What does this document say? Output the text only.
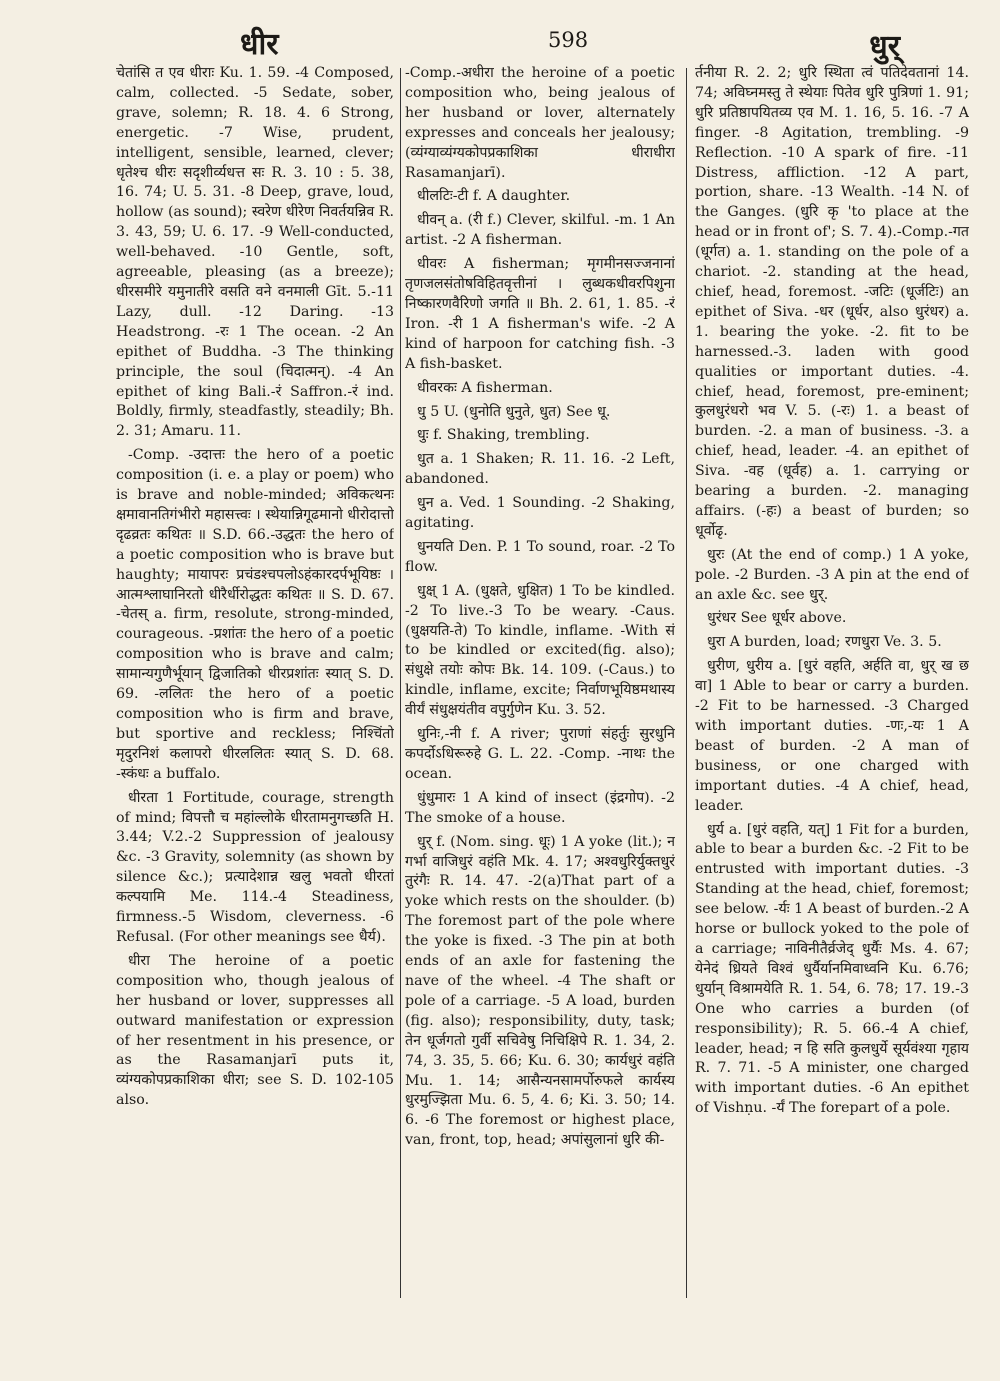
धीर	598	धुर्

चेतांसि त एव धीराः Ku. 1. 59. -4 Composed, calm, collected. -5 Sedate, sober, grave, solemn; R. 18. 4. 6 Strong, energetic. -7 Wise, prudent, intelligent, sensible, learned, clever; धृतेश्च धीरः सदृशीर्व्यधत्त सः R. 3. 10 : 5. 38, 16. 74; U. 5. 31. -8 Deep, grave, loud, hollow (as sound); स्वरेण धीरेण निवर्तयन्निव R. 3. 43, 59; U. 6. 17. -9 Well-conducted, well-behaved. -10 Gentle, soft, agreeable, pleasing (as a breeze); धीरसमीरे यमुनातीरे वसति वने वनमाली Gīt. 5.-11 Lazy, dull. -12 Daring. -13 Headstrong. -रः 1 The ocean. -2 An epithet of Buddha. -3 The thinking principle, the soul (चिदात्मन्). -4 An epithet of king Bali.-रं Saffron.-रं ind. Boldly, firmly, steadfastly, steadily; Bh. 2. 31; Amaru. 11.

-Comp. -उदात्तः the hero of a poetic composition (i. e. a play or poem) who is brave and noble-minded; अविकत्थनः क्षमावानतिगंभीरो महासत्त्वः । स्थेयान्निगूढमानो धीरोदात्तो दृढव्रतः कथितः ॥ S.D. 66.-उद्धतः the hero of a poetic composition who is brave but haughty; मायापरः प्रचंडश्चपलोऽहंकारदर्पभूयिष्ठः । आत्मश्लाघानिरतो धीरैर्धीरोद्धतः कथितः ॥ S. D. 67. -चेतस् a. firm, resolute, strong-minded, courageous. -प्रशांतः the hero of a poetic composition who is brave and calm; सामान्यगुणैर्भूयान् द्विजातिको धीरप्रशांतः स्यात् S. D. 69. -ललितः the hero of a poetic composition who is firm and brave, but sportive and reckless; निश्चिंतो मृदुरनिशं कलापरो धीरललितः स्यात् S. D. 68. -स्कंधः a buffalo.

धीरता 1 Fortitude, courage, strength of mind; विपत्तौ च महांल्लोके धीरतामनुगच्छति H. 3.44; V.2.-2 Suppression of jealousy &c. -3 Gravity, solemnity (as shown by silence &c.); प्रत्यादेशान्न खलु भवतो धीरतां कल्पयामि Me. 114.-4 Steadiness, firmness.-5 Wisdom, cleverness. -6 Refusal. (For other meanings see धैर्य).

धीरा The heroine of a poetic composition who, though jealous of her husband or lover, suppresses all outward manifestation or expression of her resentment in his presence, or as the Rasamanjarī puts it, व्यंग्यकोपप्रकाशिका धीरा; see S. D. 102-105 also.

-Comp.-अधीरा the heroine of a poetic composition who, being jealous of her husband or lover, alternately expresses and conceals her jealousy; (व्यंग्याव्यंग्यकोपप्रकाशिका धीराधीरा Rasamanjarī).

धीलटिः-टी f. A daughter.

धीवन् a. (री f.) Clever, skilful. -m. 1 An artist. -2 A fisherman.

धीवरः A fisherman; मृगमीनसज्जनानां तृणजलसंतोषविहितवृत्तीनां । लुब्धकधीवरपिशुना निष्कारणवैरिणो जगति ॥ Bh. 2. 61, 1. 85. -रं Iron. -री 1 A fisherman's wife. -2 A kind of harpoon for catching fish. -3 A fish-basket.

धीवरकः A fisherman.

धु 5 U. (धुनोति धुनुते, धुत) See धू.

धुः f. Shaking, trembling.

धुत a. 1 Shaken; R. 11. 16. -2 Left, abandoned.

धुन a. Ved. 1 Sounding. -2 Shaking, agitating.

धुनयति Den. P. 1 To sound, roar. -2 To flow.

धुक्ष् 1 A. (धुक्षते, धुक्षित) 1 To be kindled. -2 To live.-3 To be weary. -Caus. (धुक्षयति-ते) To kindle, inflame. -With सं to be kindled or excited(fig. also); संधुक्षे तयोः कोपः Bk. 14. 109. (-Caus.) to kindle, inflame, excite; निर्वाणभूयिष्ठमथास्य वीर्यं संधुक्षयंतीव वपुर्गुणेन Ku. 3. 52.

धुनिः,-नी f. A river; पुराणां संहर्तुः सुरधुनि कपर्दोऽधिरूरुहे G. L. 22. -Comp. -नाथः the ocean.

धुंधुमारः 1 A kind of insect (इंद्रगोप). -2 The smoke of a house.

धुर् f. (Nom. sing. धूः) 1 A yoke (lit.); न गर्भा वाजिधुरं वहंति Mk. 4. 17; अश्वधुरिर्युक्तधुरं तुरंगैः R. 14. 47. -2(a)That part of a yoke which rests on the shoulder. (b) The foremost part of the pole where the yoke is fixed. -3 The pin at both ends of an axle for fastening the nave of the wheel. -4 The shaft or pole of a carriage. -5 A load, burden (fig. also); responsibility, duty, task; तेन धूर्जगतो गुर्वी सचिवेषु निचिक्षिपे R. 1. 34, 2. 74, 3. 35, 5. 66; Ku. 6. 30; कार्यधुरं वहंति Mu. 1. 14; आसैन्यनसामर्पोरुफले कार्यस्य धुरमुज्झिता Mu. 6. 5, 4. 6; Ki. 3. 50; 14. 6. -6 The foremost or highest place, van, front, top, head; अपांसुलानां धुरि की-

र्तनीया R. 2. 2; धुरि स्थिता त्वं पतिदेवतानां 14. 74; अविघ्नमस्तु ते स्थेयाः पितेव धुरि पुत्रिणां 1. 91; धुरि प्रतिष्ठापयितव्य एव M. 1. 16, 5. 16. -7 A finger. -8 Agitation, trembling. -9 Reflection. -10 A spark of fire. -11 Distress, affliction. -12 A part, portion, share. -13 Wealth. -14 N. of the Ganges. (धुरि कृ 'to place at the head or in front of'; S. 7. 4).-Comp.-गत (धूर्गत) a. 1. standing on the pole of a chariot. -2. standing at the head, chief, head, foremost. -जटिः (धूर्जटिः) an epithet of Siva. -धर (धूर्धर, also धुरंधर) a. 1. bearing the yoke. -2. fit to be harnessed.-3. laden with good qualities or important duties. -4. chief, head, foremost, pre-eminent; कुलधुरंधरो भव V. 5. (-रः) 1. a beast of burden. -2. a man of business. -3. a chief, head, leader. -4. an epithet of Siva. -वह (धूर्वह) a. 1. carrying or bearing a burden. -2. managing affairs. (-हः) a beast of burden; so धूर्वोढृ.

धुरः (At the end of comp.) 1 A yoke, pole. -2 Burden. -3 A pin at the end of an axle &c. see धुर्.

धुरंधर See धूर्धर above.

धुरा A burden, load; रणधुरा Ve. 3. 5.

धुरीण, धुरीय a. [धुरं वहति, अर्हति वा, धुर् ख छ वा] 1 Able to bear or carry a burden. -2 Fit to be harnessed. -3 Charged with important duties. -णः,-यः 1 A beast of burden. -2 A man of business, or one charged with important duties. -4 A chief, head, leader.

धुर्य a. [धुरं वहति, यत्] 1 Fit for a burden, able to bear a burden &c. -2 Fit to be entrusted with important duties. -3 Standing at the head, chief, foremost; see below. -र्यः 1 A beast of burden.-2 A horse or bullock yoked to the pole of a carriage; नाविनीतैर्व्रजेद् धुर्यैः Ms. 4. 67; येनेदं ध्रियते विश्वं धुर्यैर्यानमिवाध्वनि Ku. 6.76; धुर्यान् विश्रामयेति R. 1. 54, 6. 78; 17. 19.-3 One who carries a burden (of responsibility); R. 5. 66.-4 A chief, leader, head; न हि सति कुलधुर्ये सूर्यवंश्या गृहाय R. 7. 71. -5 A minister, one charged with important duties. -6 An epithet of Vishṇu. -र्यं The forepart of a pole.
